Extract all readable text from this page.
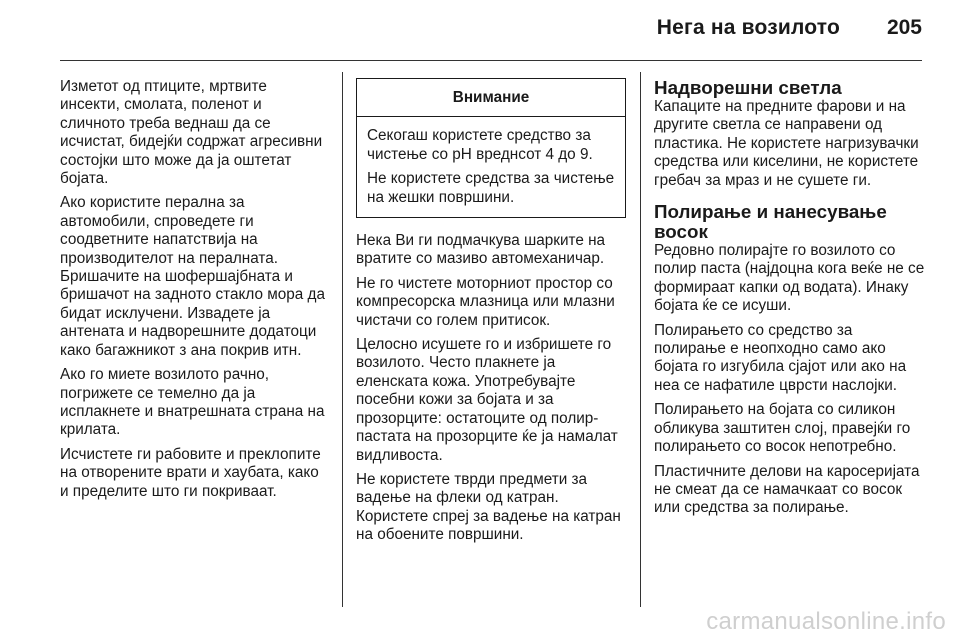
Нега на возилото 205

Изметот од птиците, мртвите инсекти, смолата, поленот и сличното треба веднаш да се исчистат, бидејќи содржат агресивни состојки што може да ја оштетат бојата.

Ако користите перална за автомобили, спроведете ги соодветните напатствија на производителот на пералната. Бришачите на шофершајбната и бришачот на задното стакло мора да бидат исклучени. Извадете ја антената и надворешните додатоци како багажникот з ана покрив итн.

Ако го миете возилото рачно, погрижете се темелно да ја исплакнете и внатрешната страна на крилата.

Исчистете ги рабовите и преклопите на отворените врати и хаубата, како и пределите што ги покриваат.

Внимание

Секогаш користете средство за чистење со pH вреднсот 4 до 9.

Не користете средства за чистење на жешки површини.

Нека Ви ги подмачкува шарките на вратите со мазиво автомеханичар.

Не го чистете моторниот простор со компресорска млазница или млазни чистачи со голем притисок.

Целосно исушете го и избришете го возилото. Често плакнете ја еленската кожа. Употребувајте посебни кожи за бојата и за прозорците: остатоците од полир-пастата на прозорците ќе ја намалат видливоста.

Не користете тврди предмети за вадење на флеки од катран. Користете спреј за вадење на катран на обоените површини.

Надворешни светла

Капаците на предните фарови и на другите светла се направени од пластика. Не користете нагризувачки средства или киселини, не користете гребач за мраз и не сушете ги.

Полирање и нанесување восок

Редовно полирајте го возилото со полир паста (најдоцна кога веќе не се формираат капки од водата). Инаку бојата ќе се исуши.

Полирањето со средство за полирање е неопходно само ако бојата го изгубила сјајот или ако на неа се нафатиле цврсти наслојки.

Полирањето на бојата со силикон обликува заштитен слој, правејќи го полирањето со восок непотребно.

Пластичните делови на каросеријата не смеат да се намачкаат со восок или средства за полирање.

carmanualsonline.info
